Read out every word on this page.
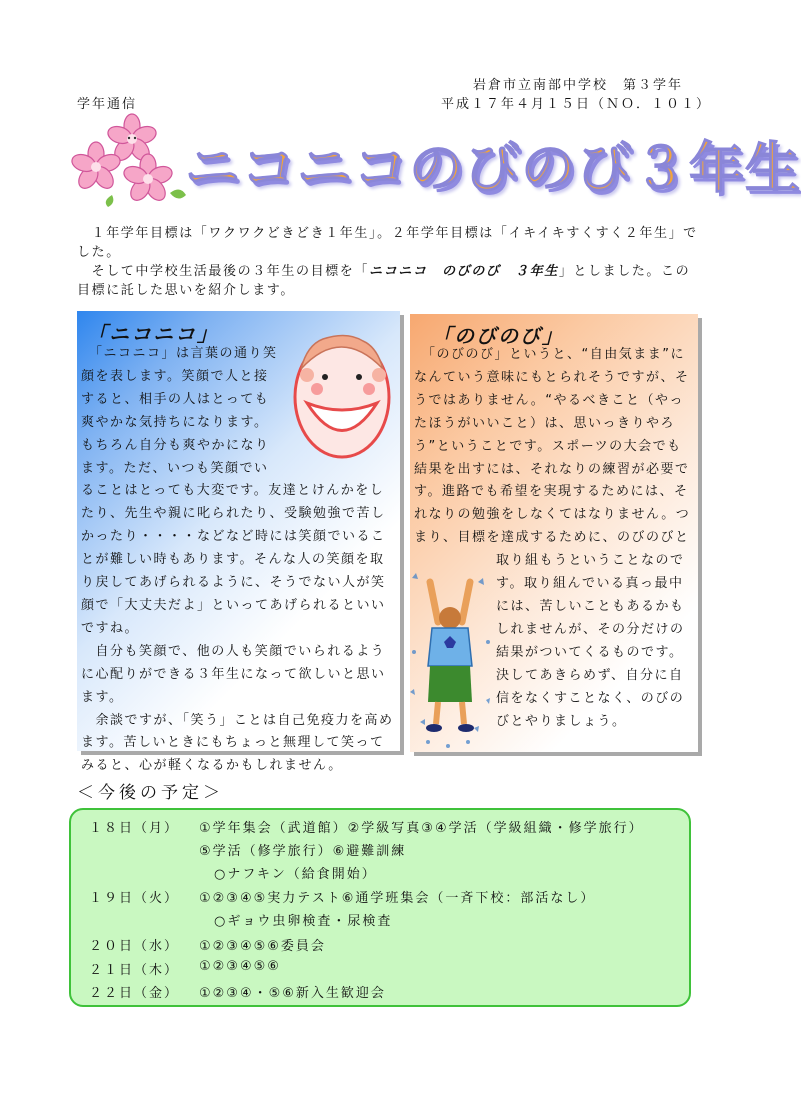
岩倉市立南部中学校　第３学年
学年通信	平成１７年４月１５日（ＮＯ．１０１）
ニコニコのびのび３年生

　１年学年目標は「ワクワクどきどき１年生」。２年学年目標は「イキイキすくすく２年生」でした。

　そして中学校生活最後の３年生の目標を「ニコニコ　のびのび　３年生」としました。この目標に託した思いを紹介します。

「ニコニコ」

　「ニコニコ」は言葉の通り笑顔を表します。笑顔で人と接すると、相手の人はとっても爽やかな気持ちになります。もちろん自分も爽やかになります。ただ、いつも笑顔でいることはとっても大変です。友達とけんかをしたり、先生や親に叱られたり、受験勉強で苦しかったり・・・・などなど時には笑顔でいることが難しい時もあります。そんな人の笑顔を取り戻してあげられるように、そうでない人が笑顔で「大丈夫だよ」といってあげられるといいですね。

　自分も笑顔で、他の人も笑顔でいられるように心配りができる３年生になって欲しいと思います。

　余談ですが、「笑う」ことは自己免疫力を高めます。苦しいときにもちょっと無理して笑ってみると、心が軽くなるかもしれません。

「のびのび」

　「のびのび」というと、“自由気まま”になんていう意味にもとられそうですが、そうではありません。“やるべきこと（やったほうがいいこと）は、思いっきりやろう”ということです。スポーツの大会でも結果を出すには、それなりの練習が必要です。進路でも希望を実現するためには、それなりの勉強をしなくてはなりません。つまり、目標を達成するために、のびのびと取り組もうということなのです。取り組んでいる真っ最中には、苦しいこともあるかもしれませんが、その分だけの結果がついてくるものです。決してあきらめず、自分に自信をなくすことなく、のびのびとやりましょう。

＜今後の予定＞
１８日（月） ①学年集会（武道館）②学級写真③④学活（学級組織・修学旅行）
⑤学活（修学旅行）⑥避難訓練
　○ナフキン（給食開始）
１９日（火） ①②③④⑤実力テスト⑥通学班集会（一斉下校：部活なし）
　○ギョウ虫卵検査・尿検査
２０日（水） ①②③④⑤⑥委員会
２１日（木） ①②③④⑤⑥
２２日（金） ①②③④・⑤⑥新入生歓迎会
